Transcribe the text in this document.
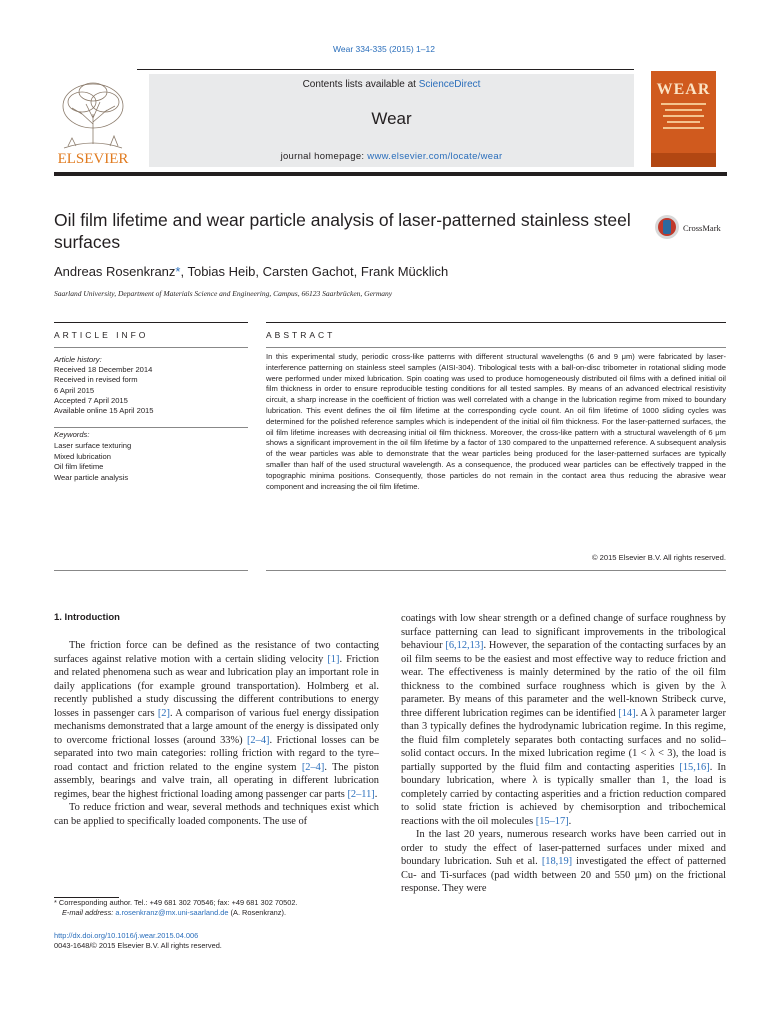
Wear 334-335 (2015) 1–12
ELSEVIER
Contents lists available at ScienceDirect
Wear
journal homepage: www.elsevier.com/locate/wear
WEAR
Oil film lifetime and wear particle analysis of laser-patterned stainless steel surfaces
CrossMark
Andreas Rosenkranz*, Tobias Heib, Carsten Gachot, Frank Mücklich
Saarland University, Department of Materials Science and Engineering, Campus, 66123 Saarbrücken, Germany
ARTICLE INFO	ABSTRACT
Article history:
Received 18 December 2014
Received in revised form
6 April 2015
Accepted 7 April 2015
Available online 15 April 2015
Keywords:
Laser surface texturing
Mixed lubrication
Oil film lifetime
Wear particle analysis
In this experimental study, periodic cross-like patterns with different structural wavelengths (6 and 9 μm) were fabricated by laser-interference patterning on stainless steel samples (AISI-304). Tribological tests with a ball-on-disc tribometer in rotational sliding mode were performed under mixed lubrication. Spin coating was used to produce homogeneously distributed oil films with a defined initial oil film thickness in order to ensure reproducible testing conditions for all tested samples. By means of an advanced electrical resistivity circuit, a sharp increase in the coefficient of friction was well correlated with a change in the lubrication regime from mixed to boundary lubrication. This event defines the oil film lifetime at the corresponding cycle count. An oil film lifetime of 1000 sliding cycles was determined for the polished reference samples which is independent of the initial oil film thickness. For the laser-patterned surfaces, the oil film lifetime increases with decreasing initial oil film thickness. Moreover, the cross-like pattern with a structural wavelength of 6 μm shows a significant improvement in the oil film lifetime by a factor of 130 compared to the unpatterned reference. A subsequent analysis of the wear particles was able to demonstrate that the wear particles being produced for the laser-patterned surfaces are typically smaller than half of the used structural wavelength. As a consequence, the produced wear particles can be effectively trapped in the topographic minima positions. Consequently, those particles do not remain in the contact area thus reducing the abrasive wear component and increasing the oil film lifetime.
© 2015 Elsevier B.V. All rights reserved.
1. Introduction

The friction force can be defined as the resistance of two contacting surfaces against relative motion with a certain sliding velocity [1]. Friction and related phenomena such as wear and lubrication play an important role in daily applications (for example ground transportation). Holmberg et al. recently published a study discussing the different contributions to energy losses in passenger cars [2]. A comparison of various fuel energy dissipation mechanisms demonstrated that a large amount of the energy is dissipated only to overcome frictional losses (around 33%) [2–4]. Frictional losses can be separated into two main categories: rolling friction with regard to the tyre–road contact and friction related to the engine system [2–4]. The piston assembly, bearings and valve train, all operating in different lubrication regimes, bear the highest frictional loading among passenger car parts [2–11].

To reduce friction and wear, several methods and techniques exist which can be applied to specifically loaded components. The use of

coatings with low shear strength or a defined change of surface roughness by surface patterning can lead to significant improvements in the tribological behaviour [6,12,13]. However, the separation of the contacting surfaces by an oil film seems to be the easiest and most effective way to reduce friction and wear. The effectiveness is mainly determined by the ratio of the oil film thickness to the combined surface roughness which is given by the λ parameter. By means of this parameter and the well-known Stribeck curve, three different lubrication regimes can be identified [14]. A λ parameter larger than 3 typically defines the hydrodynamic lubrication regime. In this regime, the fluid film completely separates both contacting surfaces and no solid–solid contact occurs. In the mixed lubrication regime (1 < λ < 3), the load is partially supported by the fluid film and contacting asperities [15,16]. In boundary lubrication, where λ is typically smaller than 1, the load is completely carried by contacting asperities and a friction reduction compared to solid state friction is achieved by chemisorption and tribochemical reactions with the oil molecules [15–17].

In the last 20 years, numerous research works have been carried out in order to study the effect of laser-patterned surfaces under mixed and boundary lubrication. Suh et al. [18,19] investigated the effect of patterned Cu- and Ti-surfaces (pad width between 20 and 550 μm) on the frictional response. They were

* Corresponding author. Tel.: +49 681 302 70546; fax: +49 681 302 70502.
E-mail address: a.rosenkranz@mx.uni-saarland.de (A. Rosenkranz).
http://dx.doi.org/10.1016/j.wear.2015.04.006
0043-1648/© 2015 Elsevier B.V. All rights reserved.
